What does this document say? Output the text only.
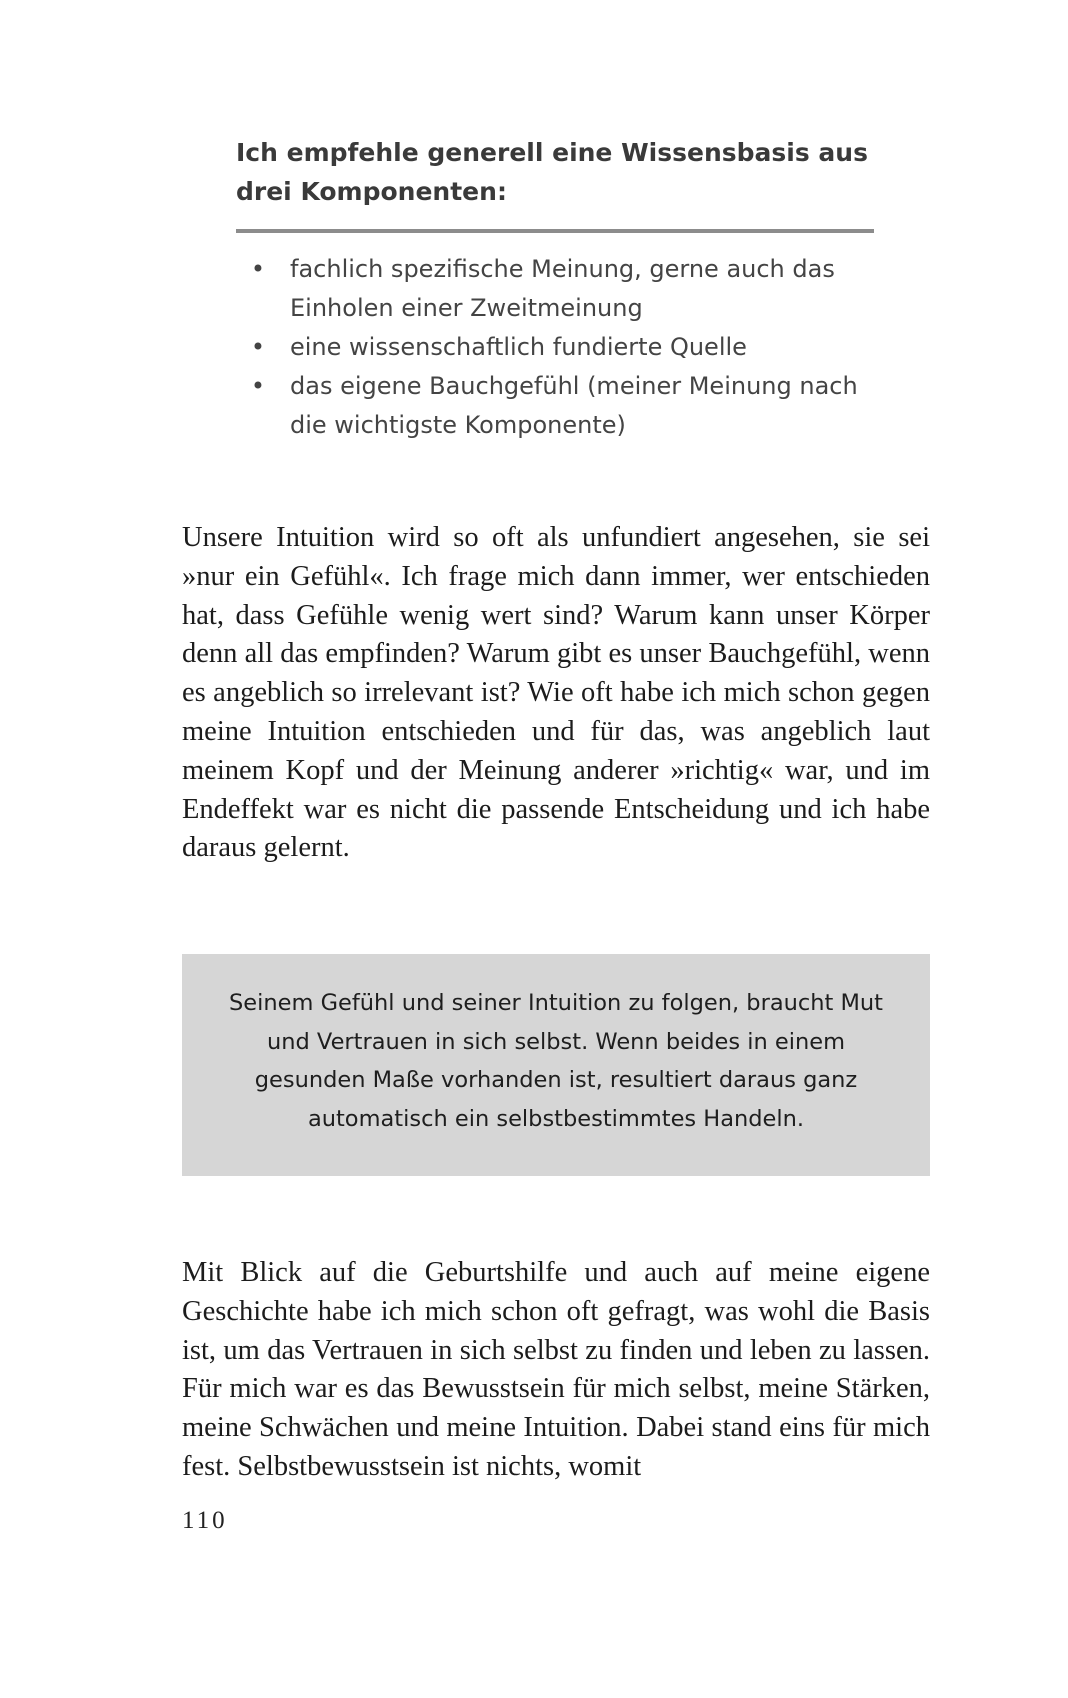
Ich empfehle generell eine Wissensbasis aus drei Komponenten:
• fachlich spezifische Meinung, gerne auch das Einholen einer Zweitmeinung
• eine wissenschaftlich fundierte Quelle
• das eigene Bauchgefühl (meiner Meinung nach die wichtigste Komponente)

Unsere Intuition wird so oft als unfundiert angesehen, sie sei »nur ein Gefühl«. Ich frage mich dann immer, wer entschieden hat, dass Gefühle wenig wert sind? Warum kann unser Körper denn all das empfinden? Warum gibt es unser Bauchgefühl, wenn es angeblich so irrelevant ist? Wie oft habe ich mich schon gegen meine Intuition entschieden und für das, was angeblich laut meinem Kopf und der Meinung anderer »richtig« war, und im Endeffekt war es nicht die passende Entscheidung und ich habe daraus gelernt.

Seinem Gefühl und seiner Intuition zu folgen, braucht Mut und Vertrauen in sich selbst. Wenn beides in einem gesunden Maße vorhanden ist, resultiert daraus ganz automatisch ein selbstbestimmtes Handeln.

Mit Blick auf die Geburtshilfe und auch auf meine eigene Geschichte habe ich mich schon oft gefragt, was wohl die Basis ist, um das Vertrauen in sich selbst zu finden und leben zu lassen. Für mich war es das Bewusstsein für mich selbst, meine Stärken, meine Schwächen und meine Intuition. Dabei stand eins für mich fest. Selbstbewusstsein ist nichts, womit

110
